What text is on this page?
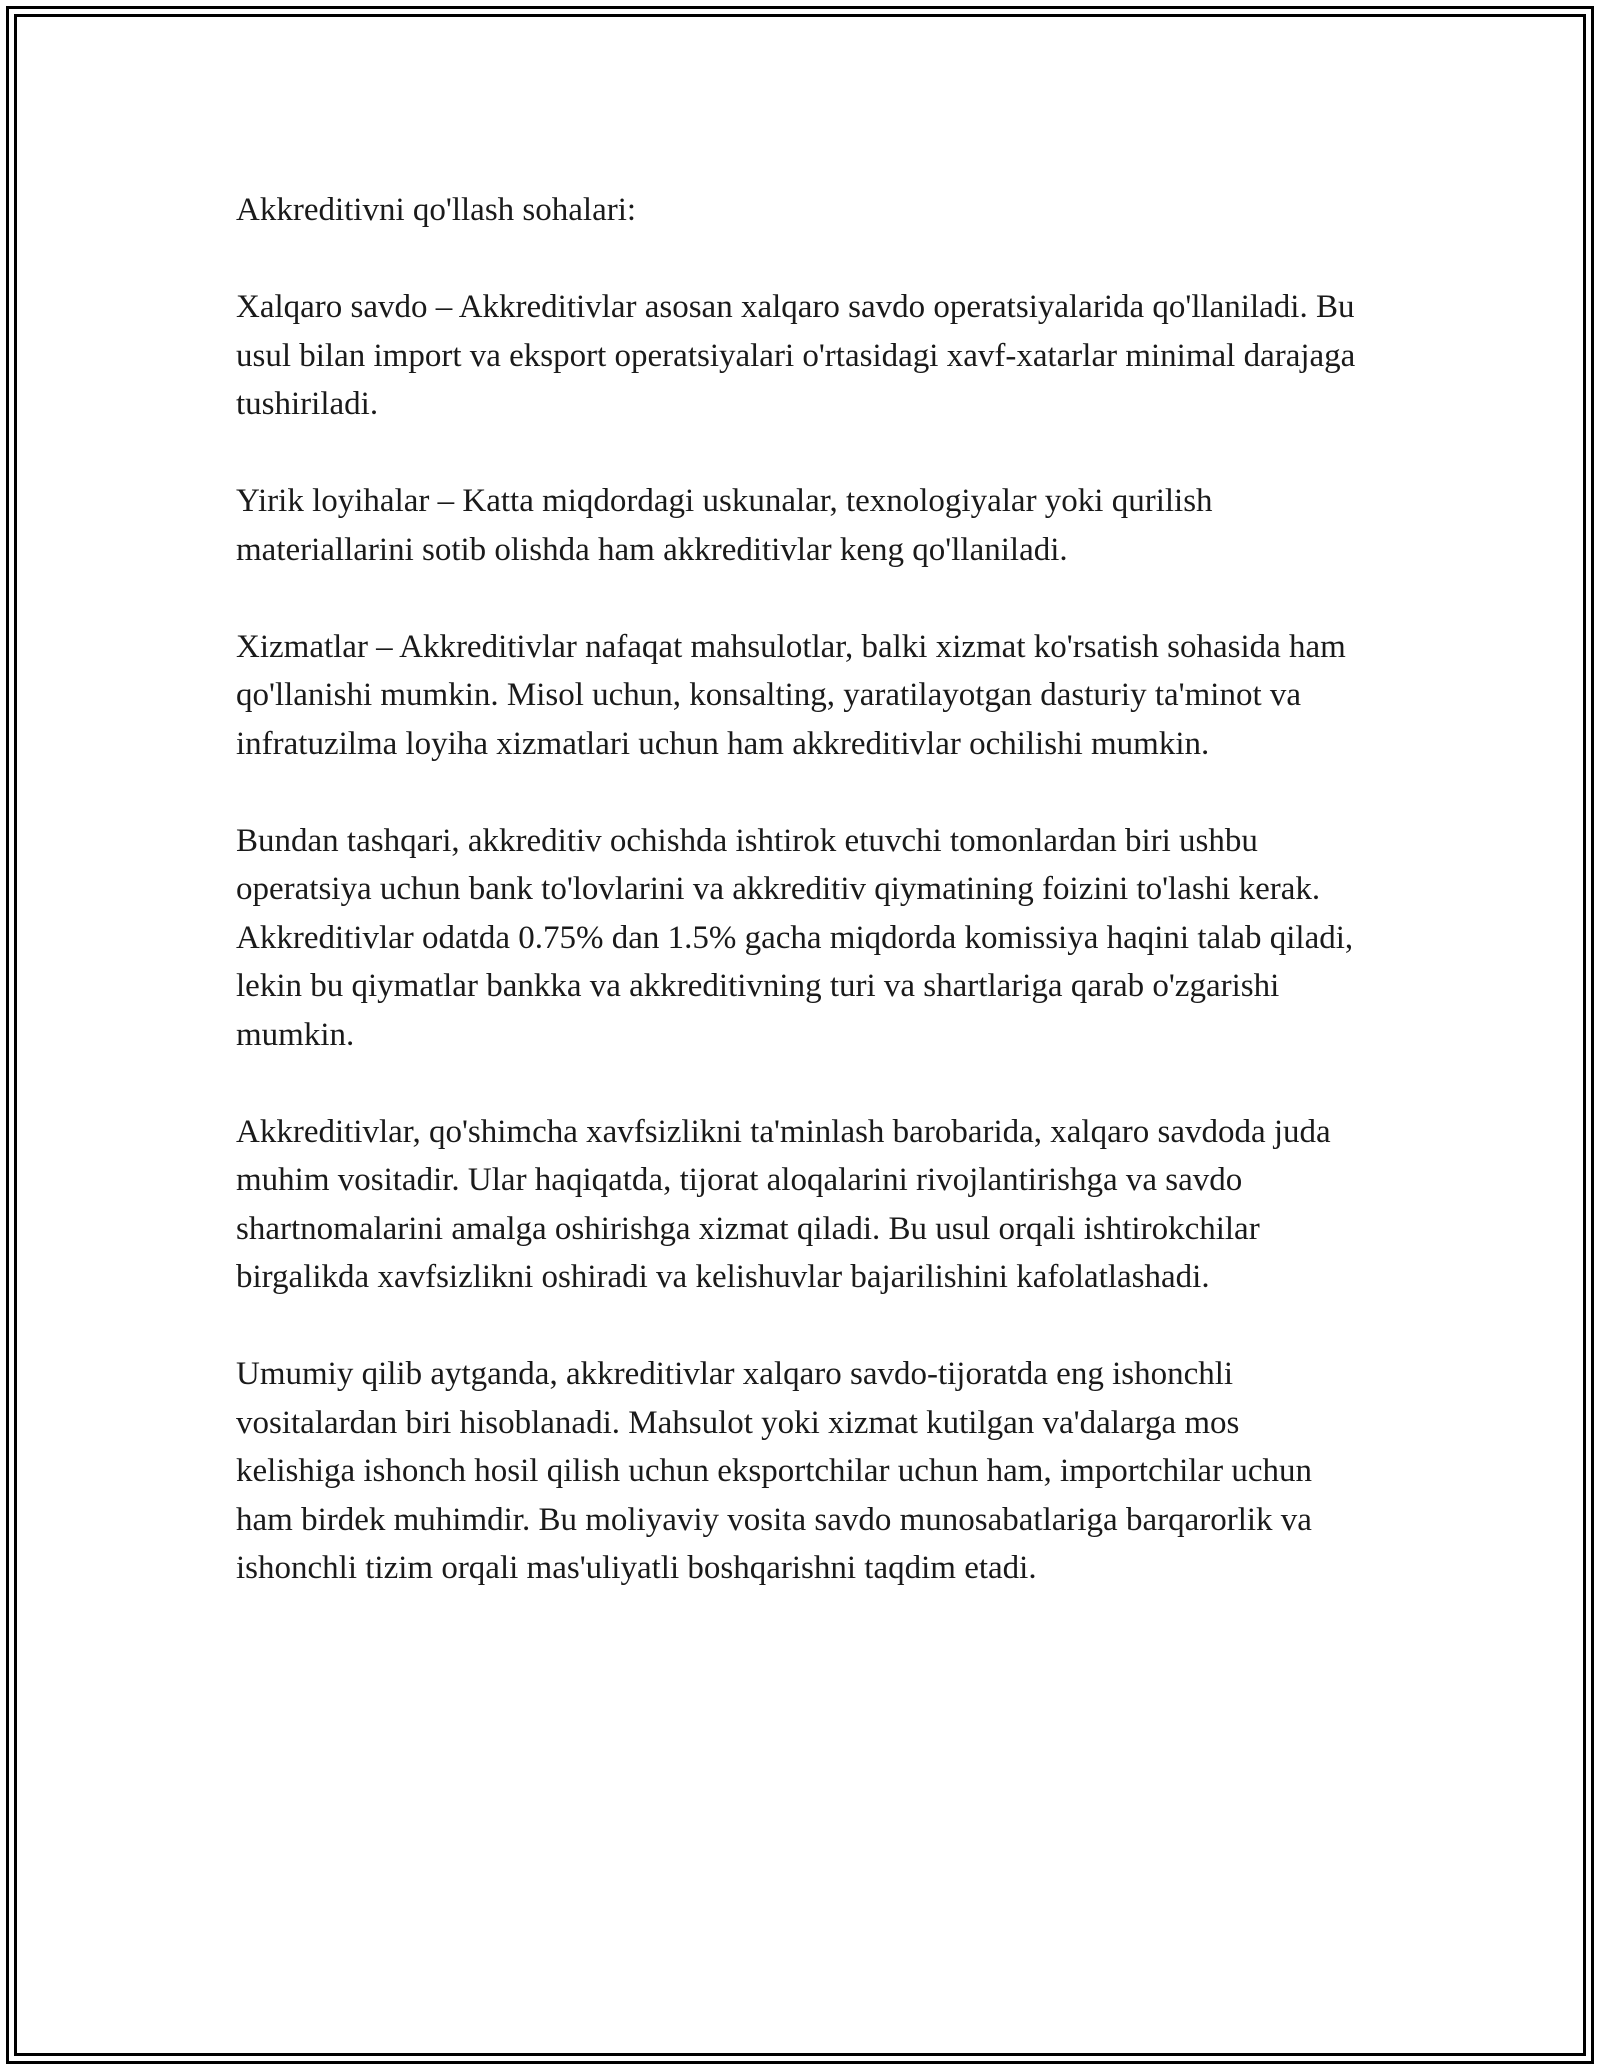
Akkreditivni qo'llash sohalari:

Xalqaro savdo – Akkreditivlar asosan xalqaro savdo operatsiyalarida qo'llaniladi. Bu usul bilan import va eksport operatsiyalari o'rtasidagi xavf-xatarlar minimal darajaga tushiriladi.

Yirik loyihalar – Katta miqdordagi uskunalar, texnologiyalar yoki qurilish materiallarini sotib olishda ham akkreditivlar keng qo'llaniladi.

Xizmatlar – Akkreditivlar nafaqat mahsulotlar, balki xizmat ko'rsatish sohasida ham qo'llanishi mumkin. Misol uchun, konsalting, yaratilayotgan dasturiy ta'minot va infratuzilma loyiha xizmatlari uchun ham akkreditivlar ochilishi mumkin.

Bundan tashqari, akkreditiv ochishda ishtirok etuvchi tomonlardan biri ushbu operatsiya uchun bank to'lovlarini va akkreditiv qiymatining foizini to'lashi kerak. Akkreditivlar odatda 0.75% dan 1.5% gacha miqdorda komissiya haqini talab qiladi, lekin bu qiymatlar bankka va akkreditivning turi va shartlariga qarab o'zgarishi mumkin.

Akkreditivlar, qo'shimcha xavfsizlikni ta'minlash barobarida, xalqaro savdoda juda muhim vositadir. Ular haqiqatda, tijorat aloqalarini rivojlantirishga va savdo shartnomalarini amalga oshirishga xizmat qiladi. Bu usul orqali ishtirokchilar birgalikda xavfsizlikni oshiradi va kelishuvlar bajarilishini kafolatlashadi.

Umumiy qilib aytganda, akkreditivlar xalqaro savdo-tijoratda eng ishonchli vositalardan biri hisoblanadi. Mahsulot yoki xizmat kutilgan va'dalarga mos kelishiga ishonch hosil qilish uchun eksportchilar uchun ham, importchilar uchun ham birdek muhimdir. Bu moliyaviy vosita savdo munosabatlariga barqarorlik va ishonchli tizim orqali mas'uliyatli boshqarishni taqdim etadi.
